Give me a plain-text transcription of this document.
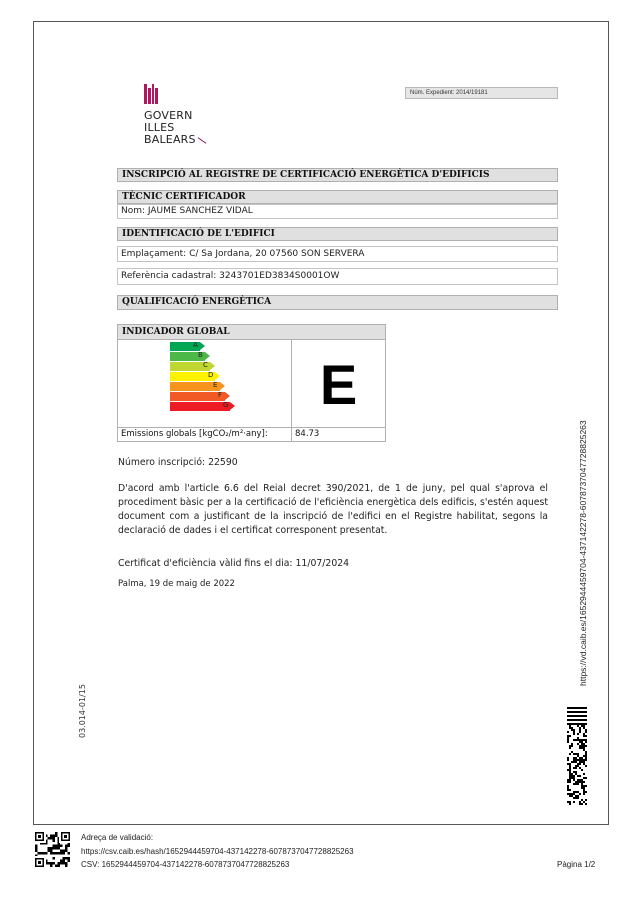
GOVERN
ILLES
BALEARS
Núm. Expedient: 2014/19181
INSCRIPCIÓ AL REGISTRE DE CERTIFICACIÓ ENERGÈTICA D'EDIFICIS
TÈCNIC CERTIFICADOR
Nom: JAUME SANCHEZ VIDAL
IDENTIFICACIÓ DE L'EDIFICI
Emplaçament: C/ Sa Jordana, 20 07560 SON SERVERA
Referència cadastral: 3243701ED3834S0001OW
QUALIFICACIÓ ENERGÈTICA
INDICADOR GLOBAL
E
Emissions globals [kgCO₂/m²·any]:	84.73
A
B
C
D
E
F
G
Número inscripció: 22590
D'acord amb l'article 6.6 del Reial decret 390/2021, de 1 de juny, pel qual s'aprova el procediment bàsic per a la certificació de l'eficiència energètica dels edificis, s'estén aquest document com a justificant de la inscripció de l'edifici en el Registre habilitat, segons la declaració de dades i el certificat corresponent presentat.
Certificat d'eficiència vàlid fins el dia: 11/07/2024
Palma, 19 de maig de 2022
03.014-01/15
https://vd.caib.es/1652944459704-437142278-6078737047728825263
Adreça de validació:
https://csv.caib.es/hash/1652944459704-437142278-6078737047728825263
CSV: 1652944459704-437142278-6078737047728825263	Pàgina 1/2
